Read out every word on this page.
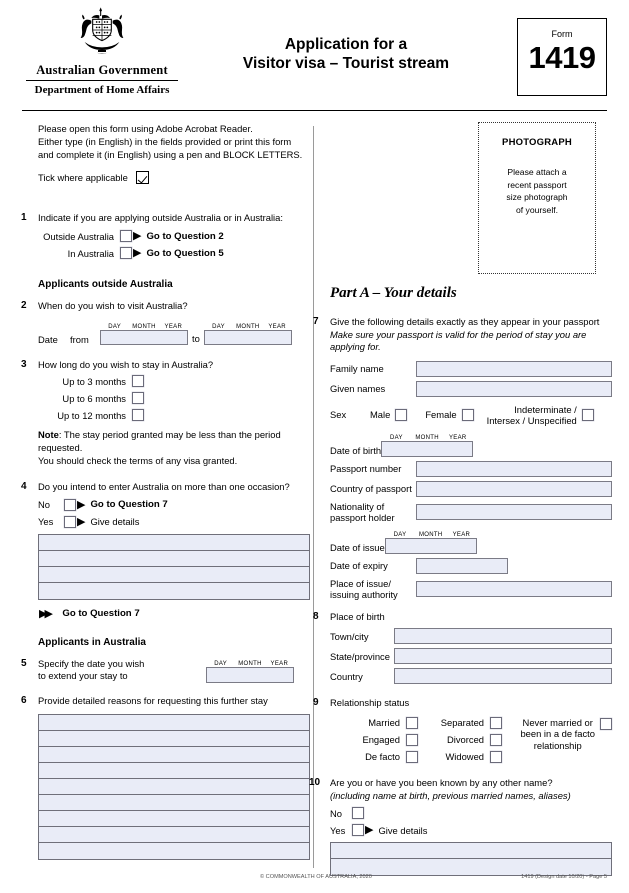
Australian Government
Department of Home Affairs
Application for a
Visitor visa – Tourist stream
Form
1419
Please open this form using Adobe Acrobat Reader.
Either type (in English) in the fields provided or print this form
and complete it (in English) using a pen and BLOCK LETTERS.
Tick where applicable
1	Indicate if you are applying outside Australia or in Australia:
Outside Australia ▶ Go to Question 2
In Australia ▶ Go to Question 5
Applicants outside Australia
2	When do you wish to visit Australia?
Date	from
DAY	MONTH	YEAR
to
DAY	MONTH	YEAR
3	How long do you wish to stay in Australia?
Up to 3 months
Up to 6 months
Up to 12 months
Note: The stay period granted may be less than the period requested.
You should check the terms of any visa granted.
4	Do you intend to enter Australia on more than one occasion?
No	▶ Go to Question 7
Yes	▶ Give details
▶▶ Go to Question 7
Applicants in Australia
5	Specify the date you wish
to extend your stay to
DAY	MONTH	YEAR
6	Provide detailed reasons for requesting this further stay
PHOTOGRAPH
Please attach a
recent passport
size photograph
of yourself.
Part A – Your details
7	Give the following details exactly as they appear in your passport
Make sure your passport is valid for the period of stay you are applying for.
Family name
Given names
Sex	Male	Female	Indeterminate /
Intersex / Unspecified
Date of birth
DAY	MONTH	YEAR
Passport number
Country of passport
Nationality of
passport holder
Date of issue
DAY	MONTH	YEAR
Date of expiry
Place of issue/
issuing authority
8	Place of birth
Town/city
State/province
Country
9	Relationship status
Married
Engaged
De facto
Separated
Divorced
Widowed
Never married or
been in a de facto
relationship
10	Are you or have you been known by any other name?
(including name at birth, previous married names, aliases)
No
Yes	▶ Give details
© COMMONWEALTH OF AUSTRALIA, 2020	1419 (Design date 10/20) - Page 5
